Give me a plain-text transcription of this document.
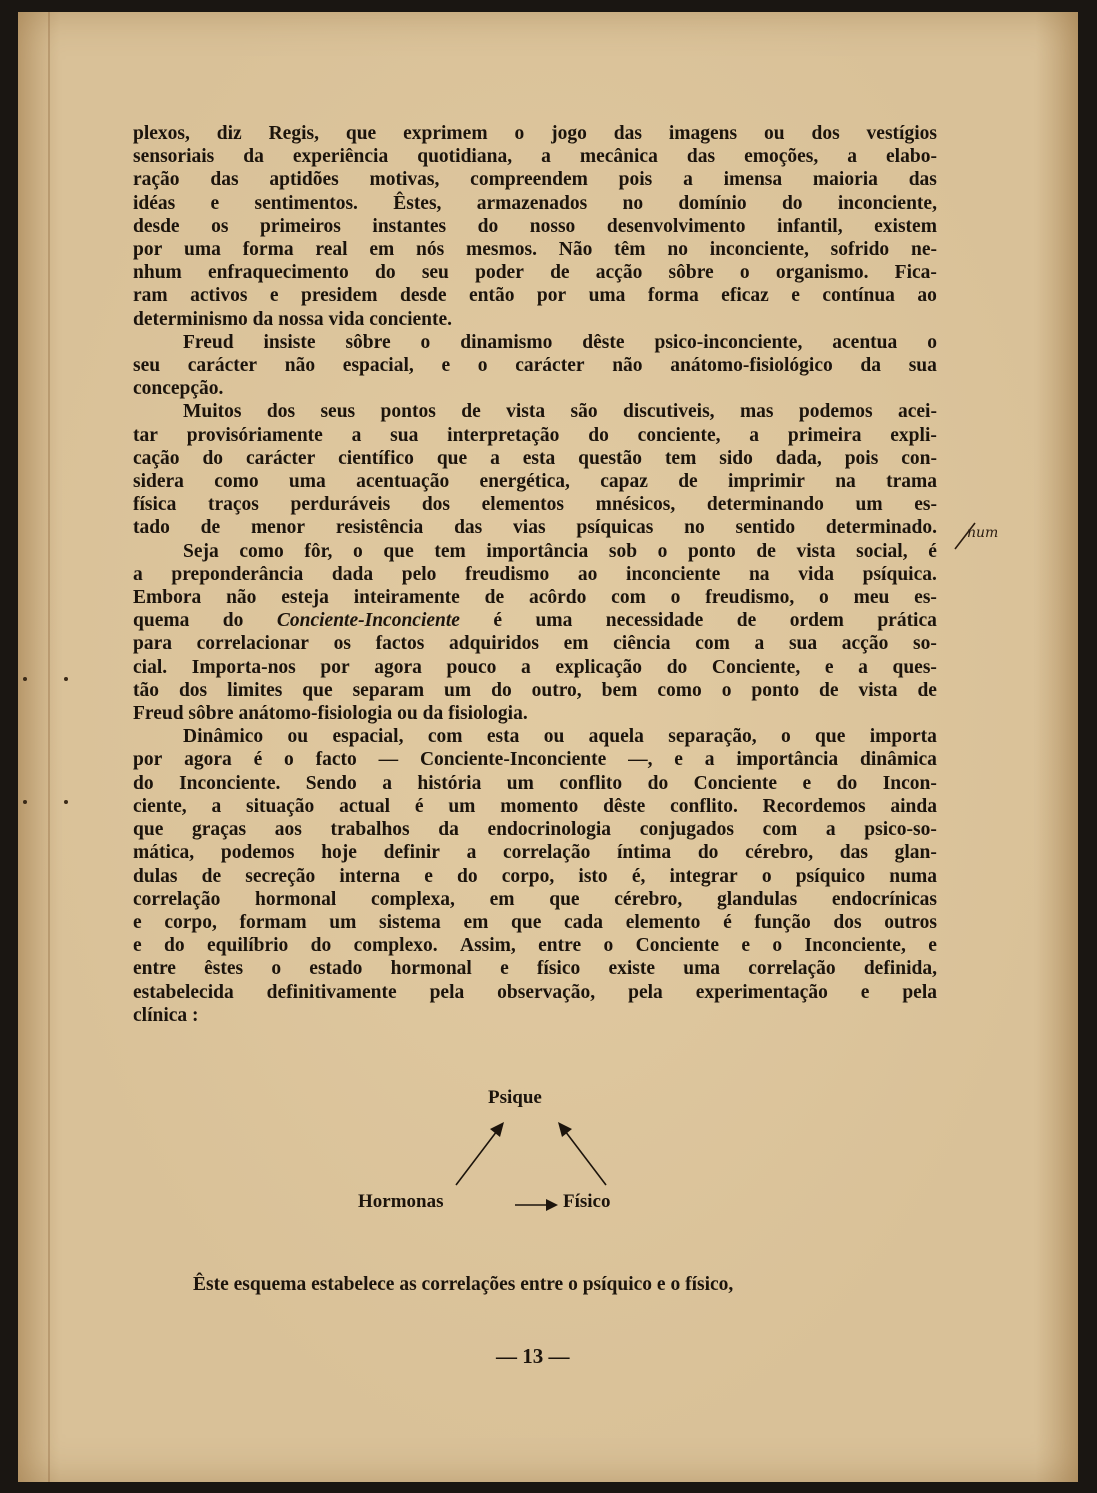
plexos, diz Regis, que exprimem o jogo das imagens ou dos vestígios
sensoriais da experiência quotidiana, a mecânica das emoções, a elabo-
ração das aptidões motivas, compreendem pois a imensa maioria das
idéas e sentimentos. Êstes, armazenados no domínio do inconciente,
desde os primeiros instantes do nosso desenvolvimento infantil, existem
por uma forma real em nós mesmos. Não têm no inconciente, sofrido ne-
nhum enfraquecimento do seu poder de acção sôbre o organismo. Fica-
ram activos e presidem desde então por uma forma eficaz e contínua ao
determinismo da nossa vida conciente.
Freud insiste sôbre o dinamismo dêste psico-inconciente, acentua o
seu carácter não espacial, e o carácter não anátomo-fisiológico da sua
concepção.
Muitos dos seus pontos de vista são discutiveis, mas podemos acei-
tar provisóriamente a sua interpretação do conciente, a primeira expli-
cação do carácter científico que a esta questão tem sido dada, pois con-
sidera como uma acentuação energética, capaz de imprimir na trama
física traços perduráveis dos elementos mnésicos, determinando um es-
tado de menor resistência das vias psíquicas no sentido determinado.
Seja como fôr, o que tem importância sob o ponto de vista social, é
a preponderância dada pelo freudismo ao inconciente na vida psíquica.
Embora não esteja inteiramente de acôrdo com o freudismo, o meu es-
quema do Conciente-Inconciente é uma necessidade de ordem prática
para correlacionar os factos adquiridos em ciência com a sua acção so-
cial. Importa-nos por agora pouco a explicação do Conciente, e a ques-
tão dos limites que separam um do outro, bem como o ponto de vista de
Freud sôbre anátomo-fisiologia ou da fisiologia.
Dinâmico ou espacial, com esta ou aquela separação, o que importa
por agora é o facto — Conciente-Inconciente —, e a importância dinâmica
do Inconciente. Sendo a história um conflito do Conciente e do Incon-
ciente, a situação actual é um momento dêste conflito. Recordemos ainda
que graças aos trabalhos da endocrinologia conjugados com a psico-so-
mática, podemos hoje definir a correlação íntima do cérebro, das glan-
dulas de secreção interna e do corpo, isto é, integrar o psíquico numa
correlação hormonal complexa, em que cérebro, glandulas endocrínicas
e corpo, formam um sistema em que cada elemento é função dos outros
e do equilíbrio do complexo. Assim, entre o Conciente e o Inconciente, e
entre êstes o estado hormonal e físico existe uma correlação definida,
estabelecida definitivamente pela observação, pela experimentação e pela
clínica :
num
Psique
Hormonas	Físico
Êste esquema estabelece as correlações entre o psíquico e o físico,
— 13 —
